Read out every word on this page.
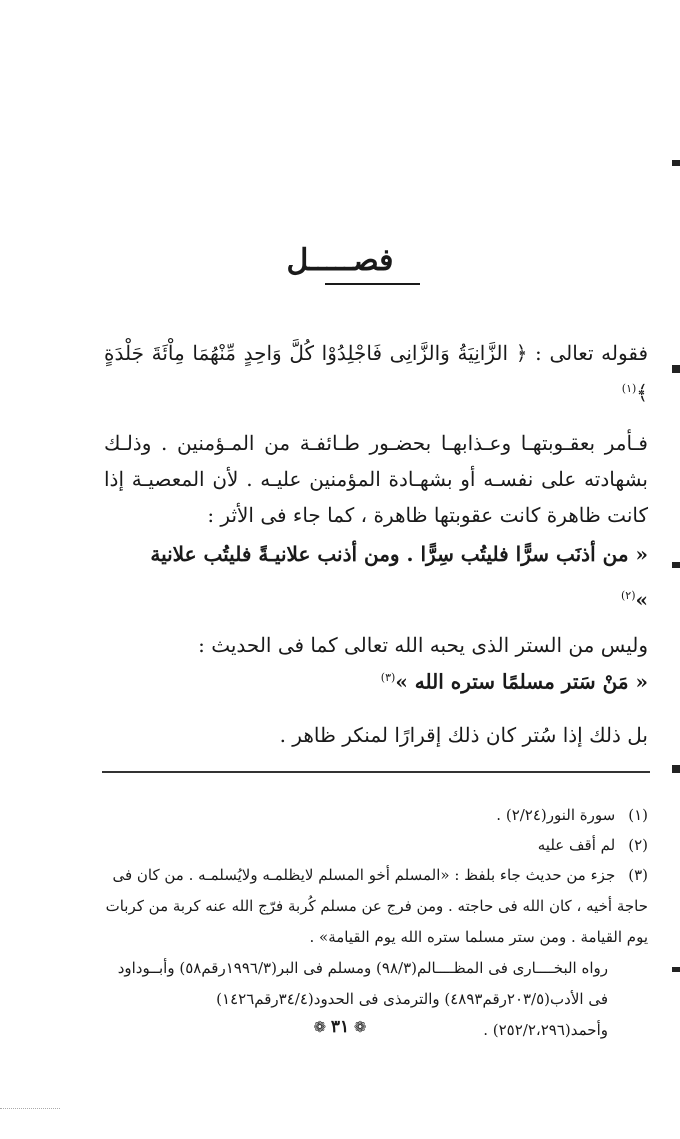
فصـــــل
فقوله تعالى : ﴿ الزَّانِيَةُ وَالزَّانِى فَاجْلِدُوْا كُلَّ وَاحِدٍ مِّنْهُمَا مِاْئَةَ جَلْدَةٍ ﴾$^{(١)}$
فـأمر بعقـوبتهـا وعـذابهـا بحضـور طـائفـة من المـؤمنين . وذلـك بشهادته على نفسـه أو بشهـادة المؤمنين عليـه . لأن المعصيـة إذا كانت ظاهرة كانت عقوبتها ظاهرة ، كما جاء فى الأثر :
« من أذنَب سرًّا فليتُب سِرًّا . ومن أذنب علانيـةً فليتُب علانية »$^{(٢)}$
وليس من الستر الذى يحبه الله تعالى كما فى الحديث :
« مَنْ سَتر مسلمًا ستره الله »$^{(٣)}$
بل ذلك إذا سُتر كان ذلك إقرارًا لمنكر ظاهر .
(١) سورة النور(٢/٢٤) .
(٢) لم أقف عليه
(٣) جزء من حديث جاء بلفظ : «المسلم أخو المسلم لايظلمـه ولايُسلمـه . من كان فى حاجة أخيه ، كان الله فى حاجته . ومن فرج عن مسلم كُربة فرّج الله عنه كربة من كربات يوم القيامة . ومن ستر مسلما ستره الله يوم القيامة» .
رواه البخــــارى فى المظــــالم(٩٨/٣) ومسلم فى البر(١٩٩٦/٣رقم٥٨) وأبــوداود فى الأدب(٢٠٣/٥رقم٤٨٩٣) والترمذى فى الحدود(٣٤/٤رقم١٤٢٦) وأحمد(٢٥٢/٢،٢٩٦) .
❁ ٣١ ❁
